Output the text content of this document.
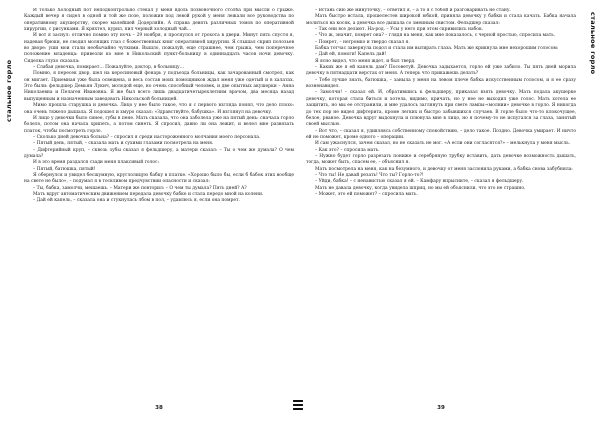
стальное горло

И только Холодный пот неподконтрольно стекал у меня вдоль позвоночного столба при мысли о грыже. Каждый вечер я сидел в одной и той же позе, положив под левой рукой у меня лежали все руководства по оперативному акушерству, скорее малейшей Додерляйн. А справа девять различных томов по оперативной хирургии, с рисунками. Я кряхтел, курил, пил черный холодный чай...

И вот я заснул: отлично помню эту ночь – 29 ноября, я проснулся от грохота в двери. Минут пять спустя я, надевая брюки, не сводил молящих глаз с божественных книг оперативной хирургии. Я слышал скрип полозьев во дворе: уши мои стали необычайно чуткими. Вышло, пожалуй, еще страшнее, чем грыжа, чем поперечное положение младенца: привезли ко мне в Никольский пункт-больницу в одиннадцать часов ночи девочку. Сиделка глухо сказала:

– Слабая девочка, помирает… Пожалуйте, доктор, в больницу…

Помню, я пересек двор, шел на керосиновый фонарь у подъезда больницы, как зачарованный смотрел, как он мигает. Приемная уже была освещена, и весь состав моих помощников ждал меня уже одетый и в халатах. Это были: фельдшер Демьян Лукич, молодой еще, но очень способный человек, и две опытных акушерки – Анна Николаевна и Пелагея Ивановна. Я же был всего лишь двадцатичетырехлетним врачом, два месяца назад выпущенным и назначенным заведовать Никольской больницей.

Мимо прошла старушка и девочка. Лицо у нее было такое, что я с первого взгляда понял, что дело плохо: она очень тяжело дышала. Я подошел и хмуро сказал: «Здравствуйте, бабушка». И взглянул на девочку.

И лицо у девочки было синее, губы в пене. Мать сказала, что она заболела уже на пятый день: сначала горло болело, потом она начала хрипеть, а потом синеть. Я спросил, давно ли она лежит, и велел мне развязать платок, чтобы посмотреть горло.

– Сколько дней девочка больна? – спросил я среди настороженного молчания моего персонала.

– Пятый день, пятый, – сказала мать и сухими глазами посмотрела на меня.

– Дифтерийный круп, – сквозь зубы сказал я фельдшеру, а матери сказал: – Ты о чем же думала? О чем думала?

И в это время раздался сзади меня плаксивый голос:

– Пятый, батюшка, пятый!

Я обернулся и увидел бесшумную, круглолицую бабку в платке. «Хорошо было бы, если б бабок этих вообще на свете не было», – подумал я в тоскливом предчувствии опасности и сказал:

– Ты, бабка, замолчи, мешаешь. – Матери же повторил: – О чем ты думала? Пять дней? А?

Мать вдруг автоматическим движением передала девочку бабке и стала передо мной на колени.

– Дай ей капель, – сказала она и стукнулась лбом в пол, – удавлюсь я, если она помрет.

– Встань сию же минуточку, – ответил я, – а то я с тобой и разговаривать не стану.

Мать быстро встала, прошелестев широкой юбкой, приняла девочку у бабки и стала качать. Бабка начала молиться на косяк, а девочка все дышала со змеиным свистом. Фельдшер сказал:

– Так они все делают. На-род. – Усы у него при этом скривились набок.

– Что ж, значит, помрет она? – глядя на меня, как мне показалось, с черной яростью, спросила мать.

– Помрет, – негромко и твердо сказал я.

Бабка тотчас завернула подол и стала им вытирать глаза. Мать же крикнула мне нехорошим голосом:

– Дай ей, помоги! Капель дай!

Я ясно видел, что меня ждет, и был тверд.

– Каких же я ей капель дам? Посоветуй. Девочка задыхается, горло ей уже забило. Ты пять дней морила девочку в пятнадцати верстах от меня. А теперь что прикажешь делать?

– Тебе лучше знать, батюшка, – заныла у меня на левом плече бабка искусственным голосом, и я ее сразу возненавидел.

– Замолчи! – сказал ей. И, обратившись к фельдшеру, приказал взять девочку. Мать подала акушерке девочку, которая стала биться и хотела, видимо, кричать, но у нее не выходил уже голос. Мать хотела ее защитить, но мы ее отстранили, и мне удалось заглянуть при свете лампы-«молнии» девочке в горло. Я никогда до тех пор не видел дифтерита, кроме легких и быстро забывшихся случаев. В горле было что-то клокочущее, белое, рваное. Девочка вдруг выдохнула и плюнула мне в лицо, но я почему-то не испугался за глаза, занятый своей мыслью.

– Вот что, – сказал я, удивляясь собственному спокойствию, – дело такое. Поздно. Девочка умирает. И ничто ей не поможет, кроме одного – операции.

И сам ужаснулся, зачем сказал, но не сказать не мог. «А если они согласятся?» – мелькнула у меня мысль.

– Как это? – спросила мать.

– Нужно будет горло разрезать пониже и серебряную трубку вставить, дать девочке возможность дышать, тогда, может быть, спасем ее, – объяснил я.

Мать посмотрела на меня, как на безумного, и девочку от меня заслонила руками, а бабка снова забубнила:

– Что ты! Не давай резать! Что ты? Горло-то?!

– Уйди, бабка! – с ненавистью сказал я ей. – Камфару впрысните, – сказал я фельдшеру.

Мать не давала девочку, когда увидела шприц, но мы ей объяснили, что это не страшно.

– Может, это ей поможет? – спросила мать.

стальное горло
38	39
